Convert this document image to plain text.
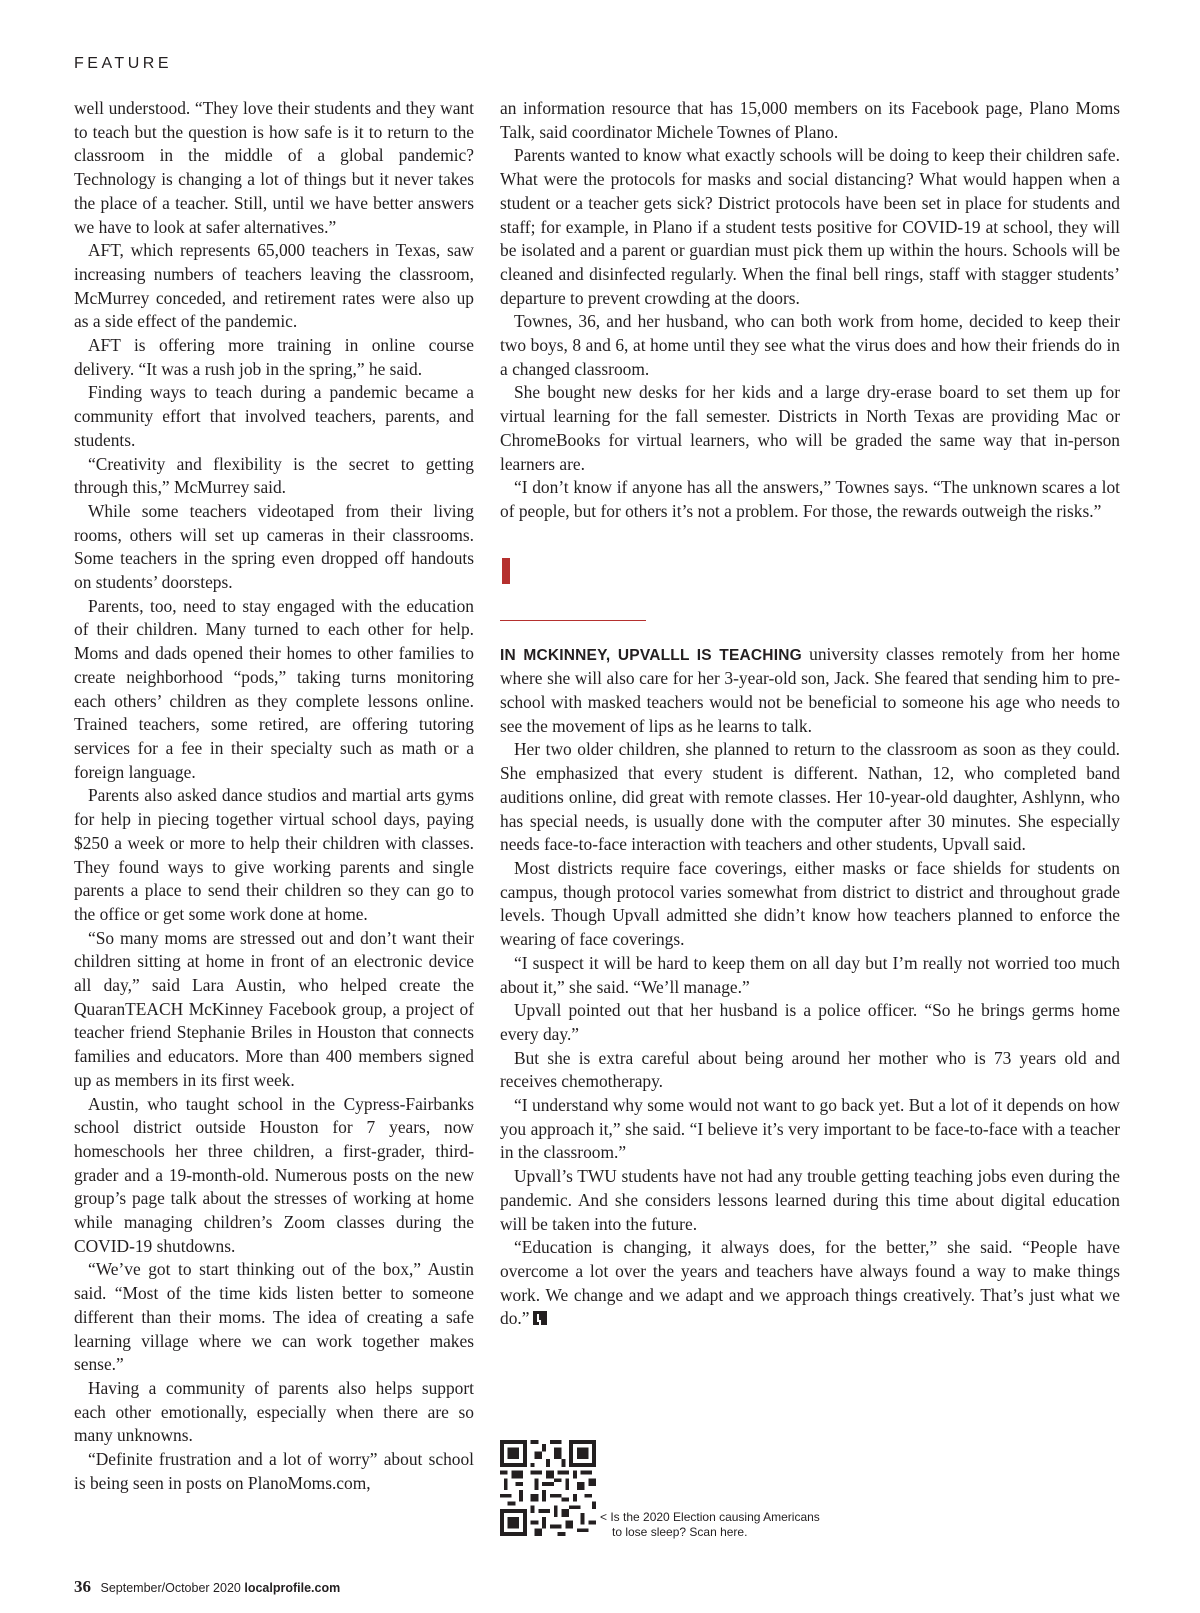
FEATURE

well understood. “They love their students and they want to teach but the question is how safe is it to return to the classroom in the middle of a global pandemic? Technology is changing a lot of things but it never takes the place of a teacher. Still, until we have better answers we have to look at safer alternatives.”

AFT, which represents 65,000 teachers in Texas, saw increasing numbers of teachers leaving the classroom, McMurrey conceded, and retirement rates were also up as a side effect of the pandemic.

AFT is offering more training in online course delivery. “It was a rush job in the spring,” he said.

Finding ways to teach during a pandemic became a community effort that involved teachers, parents, and students.

“Creativity and flexibility is the secret to getting through this,” McMurrey said.

While some teachers videotaped from their living rooms, others will set up cameras in their classrooms. Some teachers in the spring even dropped off handouts on students’ doorsteps.

Parents, too, need to stay engaged with the education of their children. Many turned to each other for help. Moms and dads opened their homes to other families to create neighborhood “pods,” taking turns monitoring each others’ children as they complete lessons online. Trained teachers, some retired, are offering tutoring services for a fee in their specialty such as math or a foreign language.

Parents also asked dance studios and martial arts gyms for help in piecing together virtual school days, paying $250 a week or more to help their children with classes. They found ways to give working parents and single parents a place to send their children so they can go to the office or get some work done at home.

“So many moms are stressed out and don’t want their children sitting at home in front of an electronic device all day,” said Lara Austin, who helped create the QuaranTEACH McKinney Facebook group, a project of teacher friend Stephanie Briles in Houston that connects families and educators. More than 400 members signed up as members in its first week.

Austin, who taught school in the Cypress-Fairbanks school district outside Houston for 7 years, now homeschools her three children, a first-grader, third-grader and a 19-month-old. Numerous posts on the new group’s page talk about the stresses of working at home while managing children’s Zoom classes during the COVID-19 shutdowns.

“We’ve got to start thinking out of the box,” Austin said. “Most of the time kids listen better to someone different than their moms. The idea of creating a safe learning village where we can work together makes sense.”

Having a community of parents also helps support each other emotionally, especially when there are so many unknowns.

“Definite frustration and a lot of worry” about school is being seen in posts on PlanoMoms.com,

an information resource that has 15,000 members on its Facebook page, Plano Moms Talk, said coordinator Michele Townes of Plano.

Parents wanted to know what exactly schools will be doing to keep their children safe. What were the protocols for masks and social distancing? What would happen when a student or a teacher gets sick? District protocols have been set in place for students and staff; for example, in Plano if a student tests positive for COVID-19 at school, they will be isolated and a parent or guardian must pick them up within the hours. Schools will be cleaned and disinfected regularly. When the final bell rings, staff with stagger students’ departure to prevent crowding at the doors.

Townes, 36, and her husband, who can both work from home, decided to keep their two boys, 8 and 6, at home until they see what the virus does and how their friends do in a changed classroom.

She bought new desks for her kids and a large dry-erase board to set them up for virtual learning for the fall semester. Districts in North Texas are providing Mac or ChromeBooks for virtual learners, who will be graded the same way that in-person learners are.

“I don’t know if anyone has all the answers,” Townes says. “The unknown scares a lot of people, but for others it’s not a problem. For those, the rewards outweigh the risks.”

IN MCKINNEY, UPVALLL IS TEACHING university classes remotely from her home where she will also care for her 3-year-old son, Jack. She feared that sending him to pre-school with masked teachers would not be beneficial to someone his age who needs to see the movement of lips as he learns to talk.

Her two older children, she planned to return to the classroom as soon as they could. She emphasized that every student is different. Nathan, 12, who completed band auditions online, did great with remote classes. Her 10-year-old daughter, Ashlynn, who has special needs, is usually done with the computer after 30 minutes. She especially needs face-to-face interaction with teachers and other students, Upvall said.

Most districts require face coverings, either masks or face shields for students on campus, though protocol varies somewhat from district to district and throughout grade levels. Though Upvall admitted she didn’t know how teachers planned to enforce the wearing of face coverings.

“I suspect it will be hard to keep them on all day but I’m really not worried too much about it,” she said. “We’ll manage.”

Upvall pointed out that her husband is a police officer. “So he brings germs home every day.”

But she is extra careful about being around her mother who is 73 years old and receives chemotherapy.

“I understand why some would not want to go back yet. But a lot of it depends on how you approach it,” she said. “I believe it’s very important to be face-to-face with a teacher in the classroom.”

Upvall’s TWU students have not had any trouble getting teaching jobs even during the pandemic. And she considers lessons learned during this time about digital education will be taken into the future.

“Education is changing, it always does, for the better,” she said. “People have overcome a lot over the years and teachers have always found a way to make things work. We change and we adapt and we approach things creatively. That’s just what we do.”

< Is the 2020 Election causing Americans
to lose sleep? Scan here.
36 September/October 2020 localprofile.com
